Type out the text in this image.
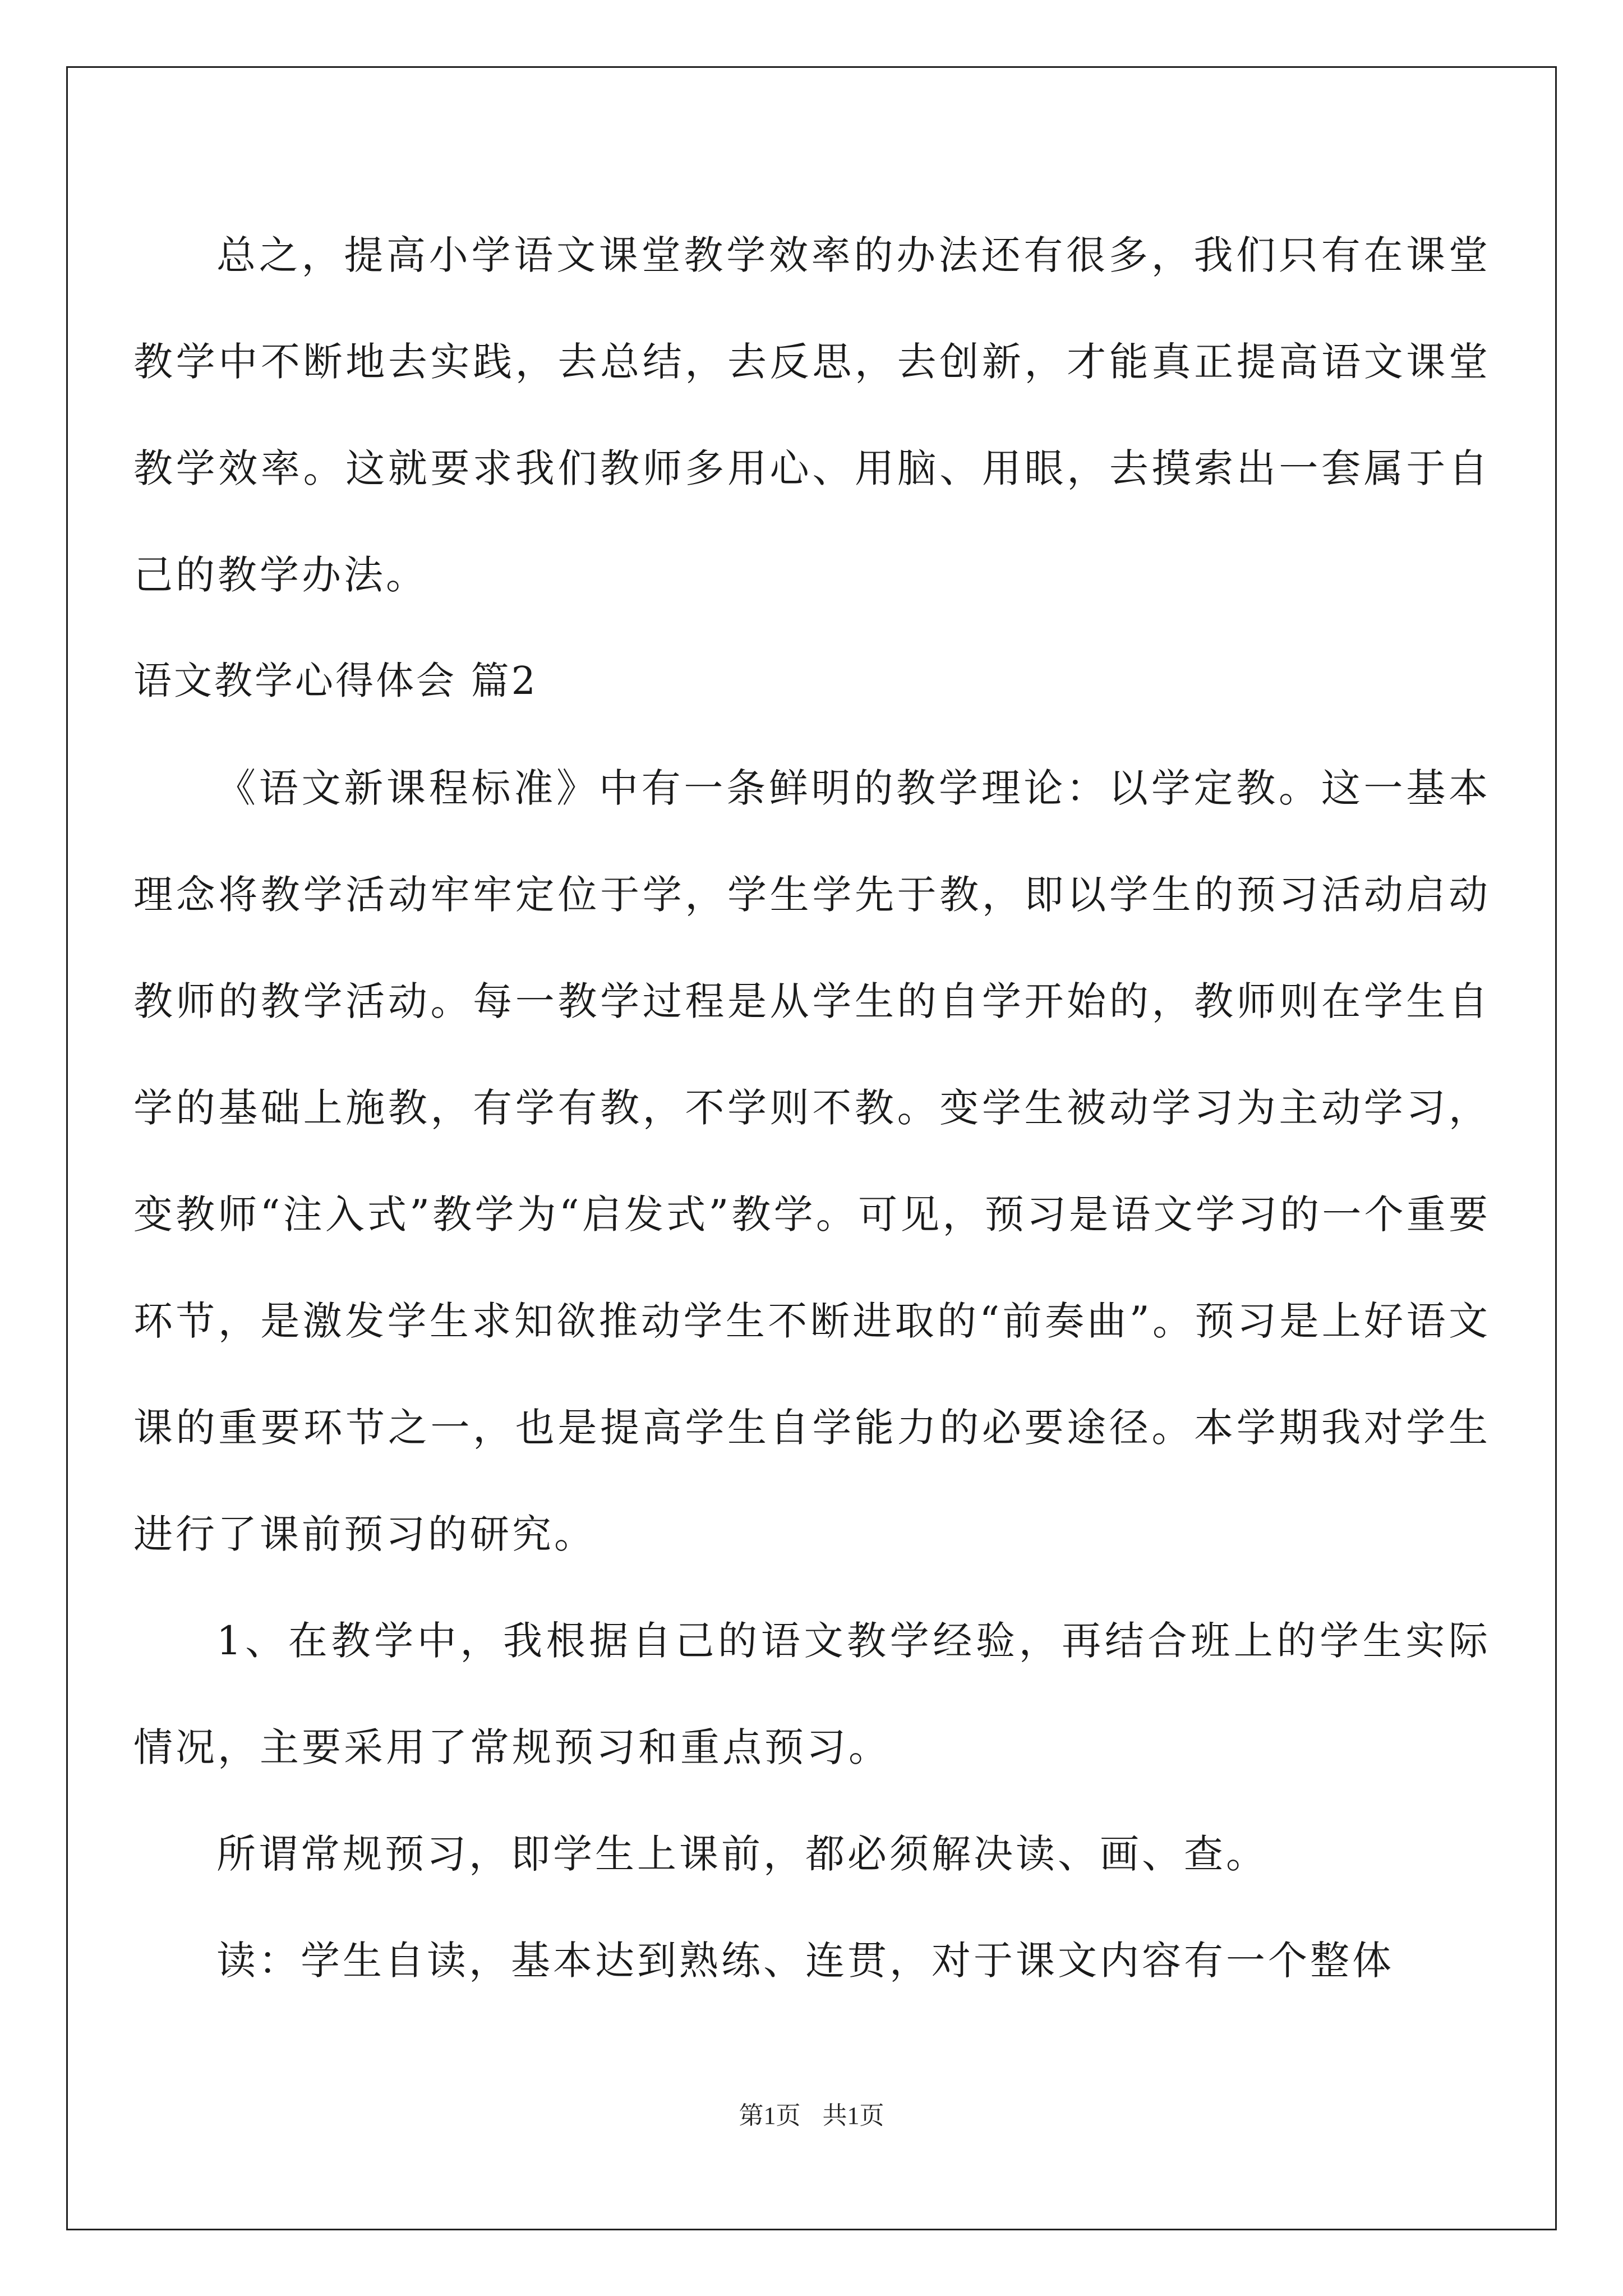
总之，提高小学语文课堂教学效率的办法还有很多，我们只有在课堂教学中不断地去实践，去总结，去反思，去创新，才能真正提高语文课堂教学效率。这就要求我们教师多用心、用脑、用眼，去摸索出一套属于自己的教学办法。

语文教学心得体会 篇2

《语文新课程标准》中有一条鲜明的教学理论：以学定教。这一基本理念将教学活动牢牢定位于学，学生学先于教，即以学生的预习活动启动教师的教学活动。每一教学过程是从学生的自学开始的，教师则在学生自学的基础上施教，有学有教，不学则不教。变学生被动学习为主动学习，变教师“注入式”教学为“启发式”教学。可见，预习是语文学习的一个重要环节，是激发学生求知欲推动学生不断进取的“前奏曲”。预习是上好语文课的重要环节之一，也是提高学生自学能力的必要途径。本学期我对学生进行了课前预习的研究。

1、在教学中，我根据自己的语文教学经验，再结合班上的学生实际情况，主要采用了常规预习和重点预习。

所谓常规预习，即学生上课前，都必须解决读、画、查。

读：学生自读，基本达到熟练、连贯，对于课文内容有一个整体

第1页 共1页
